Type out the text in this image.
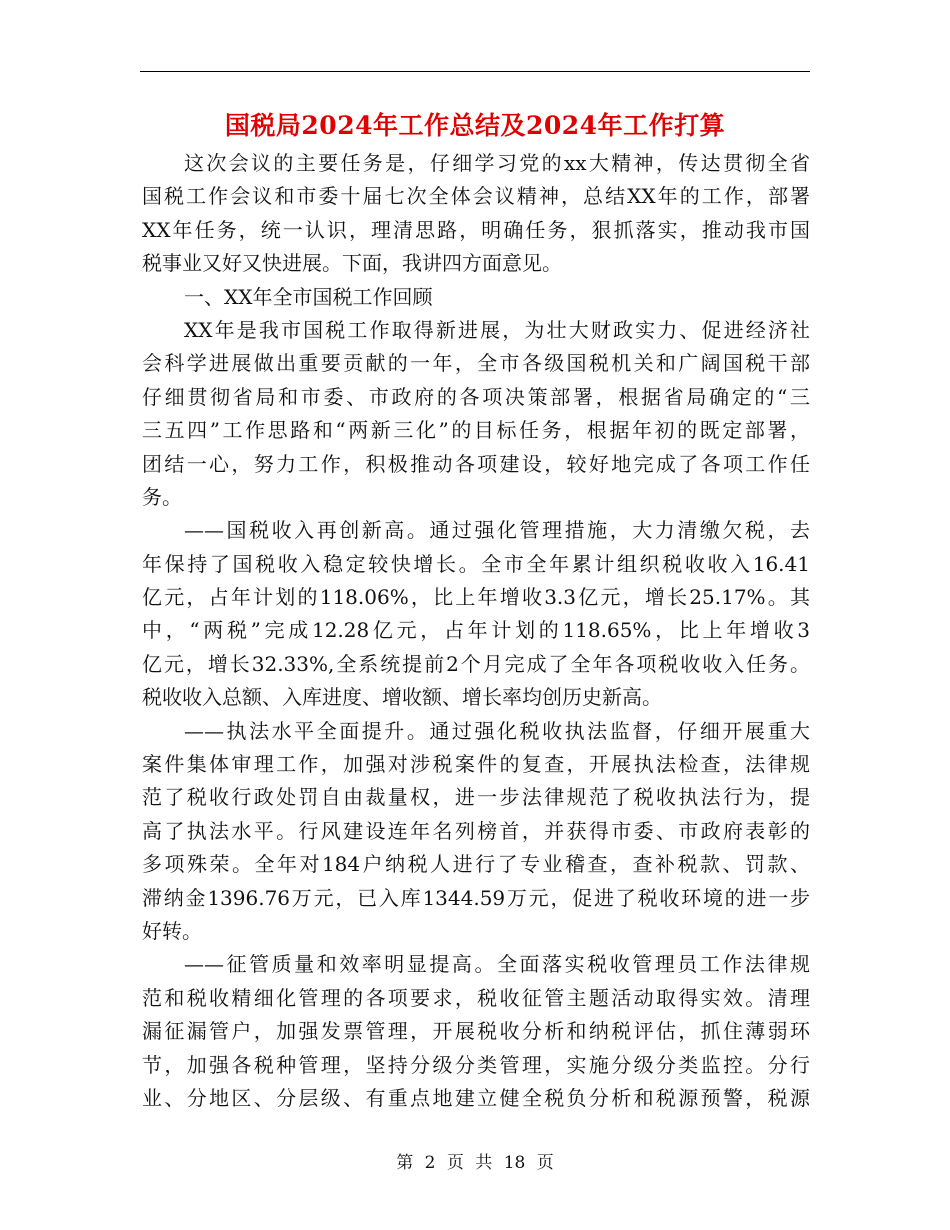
国税局2024年工作总结及2024年工作打算
这次会议的主要任务是，仔细学习党的xx大精神，传达贯彻全省
国税工作会议和市委十届七次全体会议精神，总结XX年的工作，部署
XX年任务，统一认识，理清思路，明确任务，狠抓落实，推动我市国
税事业又好又快进展。下面，我讲四方面意见。
一、XX年全市国税工作回顾
XX年是我市国税工作取得新进展，为壮大财政实力、促进经济社
会科学进展做出重要贡献的一年，全市各级国税机关和广阔国税干部
仔细贯彻省局和市委、市政府的各项决策部署，根据省局确定的“三
三五四”工作思路和“两新三化”的目标任务，根据年初的既定部署，
团结一心，努力工作，积极推动各项建设，较好地完成了各项工作任
务。
——国税收入再创新高。通过强化管理措施，大力清缴欠税，去
年保持了国税收入稳定较快增长。全市全年累计组织税收收入16.41
亿元，占年计划的118.06%，比上年增收3.3亿元，增长25.17%。其
中，“两税”完成12.28亿元，占年计划的118.65%，比上年增收3
亿元，增长32.33%,全系统提前2个月完成了全年各项税收收入任务。
税收收入总额、入库进度、增收额、增长率均创历史新高。
——执法水平全面提升。通过强化税收执法监督，仔细开展重大
案件集体审理工作，加强对涉税案件的复查，开展执法检查，法律规
范了税收行政处罚自由裁量权，进一步法律规范了税收执法行为，提
高了执法水平。行风建设连年名列榜首，并获得市委、市政府表彰的
多项殊荣。全年对184户纳税人进行了专业稽查，查补税款、罚款、
滞纳金1396.76万元，已入库1344.59万元，促进了税收环境的进一步
好转。
——征管质量和效率明显提高。全面落实税收管理员工作法律规
范和税收精细化管理的各项要求，税收征管主题活动取得实效。清理
漏征漏管户，加强发票管理，开展税收分析和纳税评估，抓住薄弱环
节，加强各税种管理，坚持分级分类管理，实施分级分类监控。分行
业、分地区、分层级、有重点地建立健全税负分析和税源预警，税源
第 2 页 共 18 页
